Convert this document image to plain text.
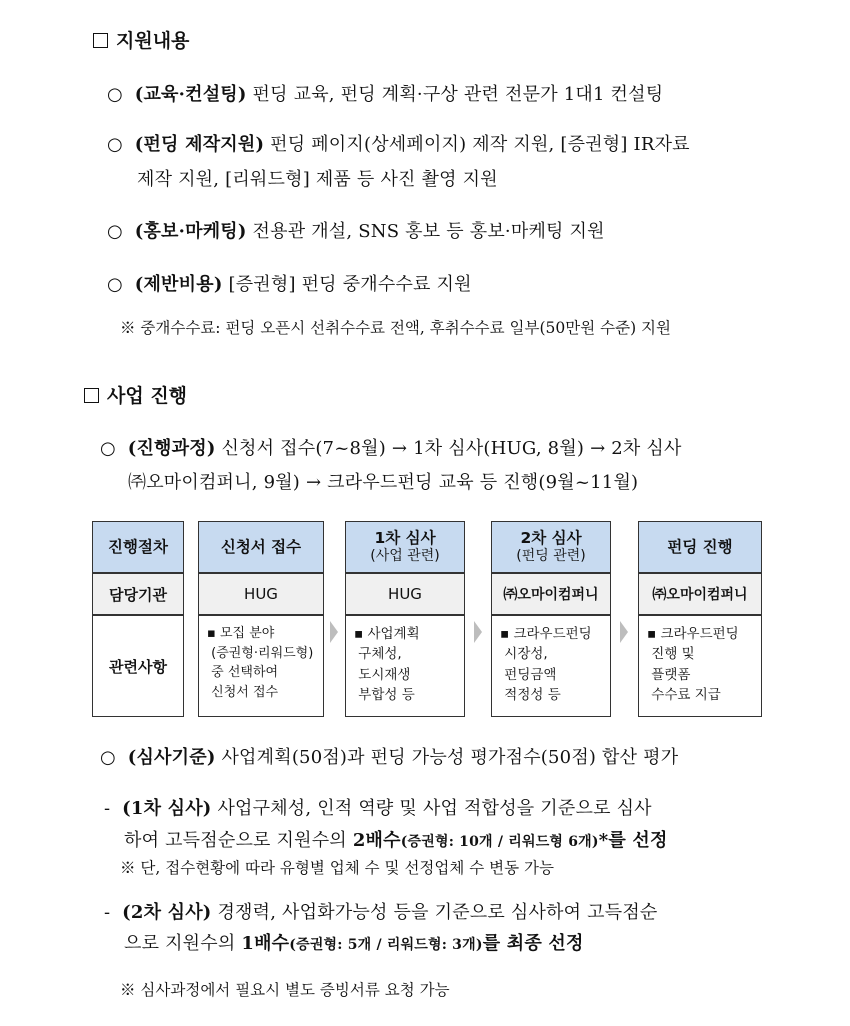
지원내용
○  (교육·컨설팅) 펀딩 교육, 펀딩 계획·구상 관련 전문가 1대1 컨설팅
○  (펀딩 제작지원) 펀딩 페이지(상세페이지) 제작 지원, [증권형] IR자료
제작 지원, [리워드형] 제품 등 사진 촬영 지원
○  (홍보·마케팅) 전용관 개설, SNS 홍보 등 홍보·마케팅 지원
○  (제반비용) [증권형] 펀딩 중개수수료 지원
※ 중개수수료: 펀딩 오픈시 선취수수료 전액, 후취수수료 일부(50만원 수준) 지원
사업 진행
○  (진행과정) 신청서 접수(7~8월) → 1차 심사(HUG, 8월) → 2차 심사
㈜오마이컴퍼니, 9월) → 크라우드펀딩 교육 등 진행(9월~11월)
진행절차
담당기관
관련사항
신청서 접수
HUG
▪ 모집 분야
(증권형·리워드형)
중 선택하여
신청서 접수
1차 심사
(사업 관련)
HUG
▪ 사업계획
구체성,
도시재생
부합성 등
2차 심사
(펀딩 관련)
㈜오마이컴퍼니
▪ 크라우드펀딩
시장성,
펀딩금액
적정성 등
펀딩 진행
㈜오마이컴퍼니
▪ 크라우드펀딩
진행 및
플랫폼
수수료 지급
○  (심사기준) 사업계획(50점)과 펀딩 가능성 평가점수(50점) 합산 평가
-  (1차 심사) 사업구체성, 인적 역량 및 사업 적합성을 기준으로 심사
하여 고득점순으로 지원수의 2배수(증권형: 10개 / 리워드형 6개)*를 선정
※ 단, 접수현황에 따라 유형별 업체 수 및 선정업체 수 변동 가능
-  (2차 심사) 경쟁력, 사업화가능성 등을 기준으로 심사하여 고득점순
으로 지원수의 1배수(증권형: 5개 / 리워드형: 3개)를 최종 선정
※ 심사과정에서 필요시 별도 증빙서류 요청 가능
